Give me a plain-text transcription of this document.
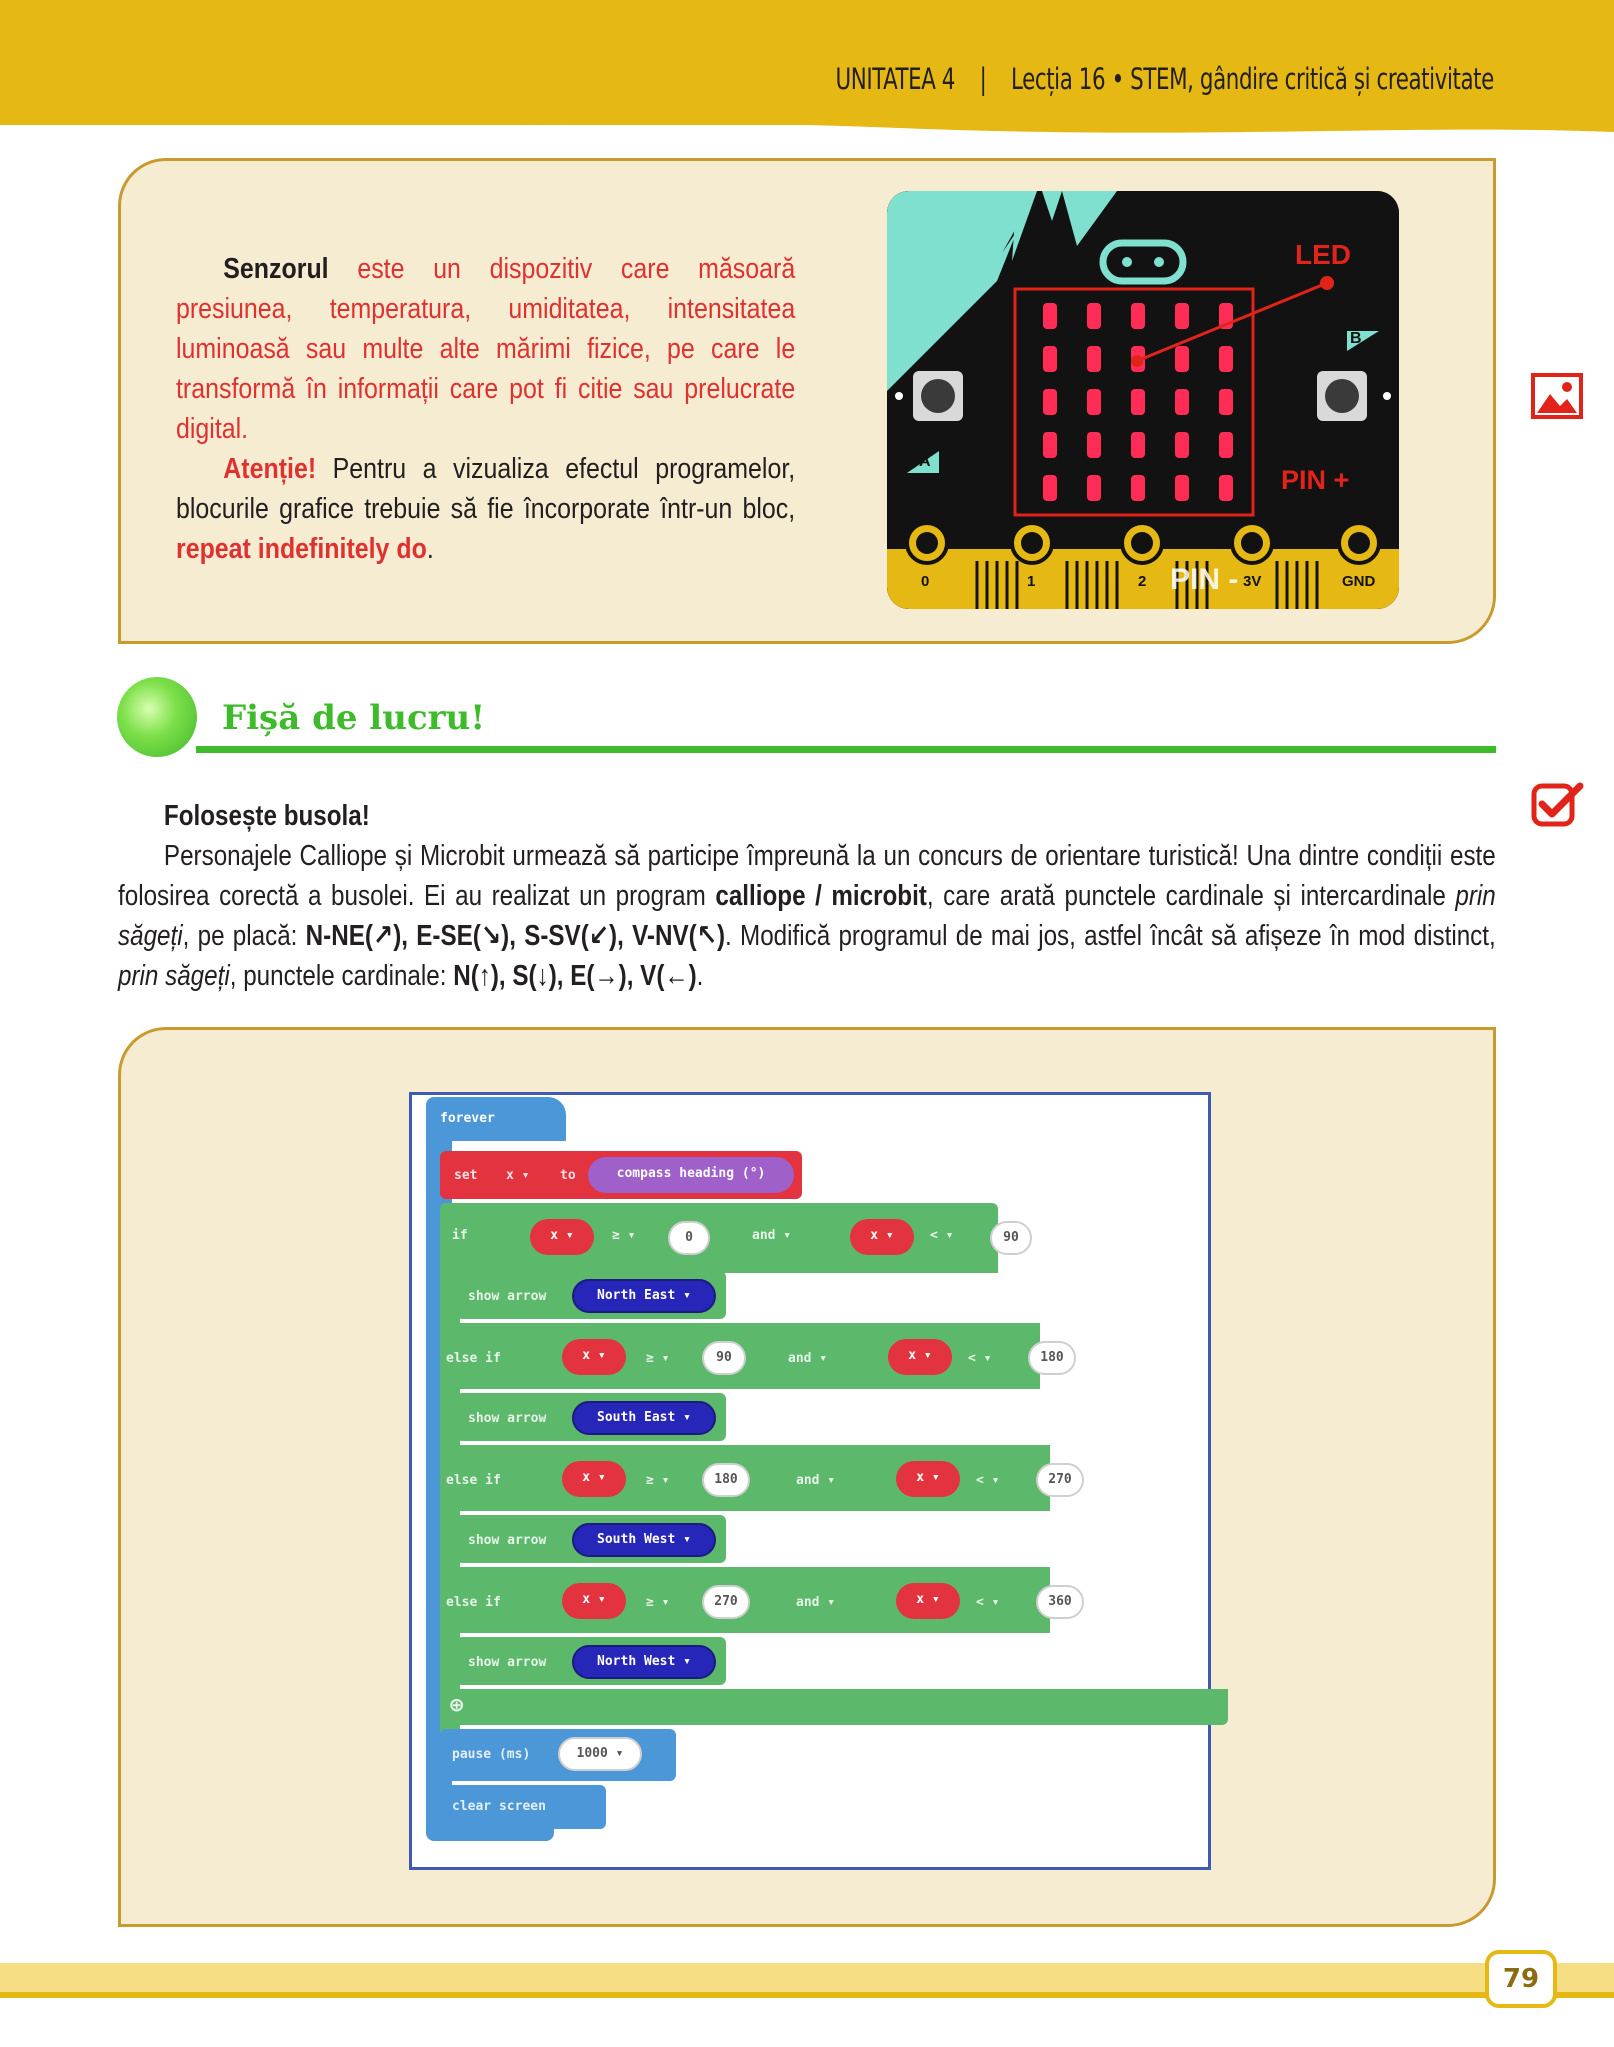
UNITATEA 4 | Lecția 16 • STEM, gândire critică și creativitate

Senzorul este un dispozitiv care măsoară presiunea, temperatura, umiditatea, intensitatea luminoasă sau multe alte mărimi fizice, pe care le transformă în informații care pot fi citie sau prelucrate digital.

Atenție! Pentru a vizualiza efectul programelor, blocurile grafice trebuie să fie încorporate într-un bloc, repeat indefinitely do.

LED
PIN +
PIN -
A
B
0	1	2	3V	GND
Fișă de lucru!

Folosește busola!

Personajele Calliope și Microbit urmează să participe împreună la un concurs de orientare turistică! Una dintre condiții este folosirea corectă a busolei. Ei au realizat un program calliope / microbit, care arată punctele cardinale și intercardinale prin săgeți, pe placă: N-NE(↗), E-SE(↘), S-SV(↙), V-NV(↖). Modifică programul de mai jos, astfel încât să afișeze în mod distinct, prin săgeți, punctele cardinale: N(↑), S(↓), E(→), V(←).

forever
set x ▾ to	compass heading (°)
⊕
if	x ▾	≥ ▾	0	and ▾	x ▾	< ▾	90	then
show arrow	North East ▾
else if	x ▾	≥ ▾	90	and ▾	x ▾	< ▾	180	then ⊖
show arrow	South East ▾
else if	x ▾	≥ ▾	180	and ▾	x ▾	< ▾	270	then ⊖
show arrow	South West ▾
else if	x ▾	≥ ▾	270	and ▾	x ▾	< ▾	360	then ⊖
show arrow	North West ▾
pause (ms)	1000 ▾
clear screen
79
